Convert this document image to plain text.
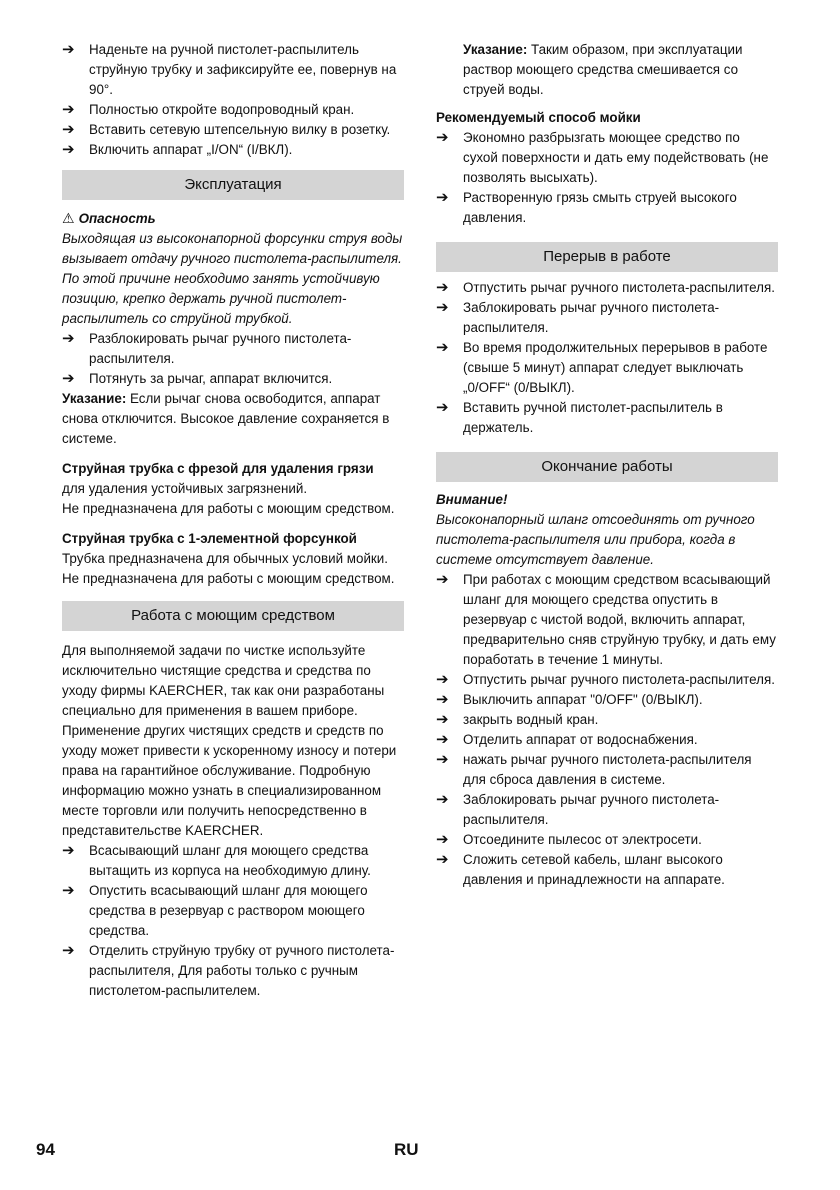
➔ Наденьте на ручной пистолет-распылитель струйную трубку и зафиксируйте ее, повернув на 90°.
➔ Полностью откройте водопроводный кран.
➔ Вставить сетевую штепсельную вилку в розетку.
➔ Включить аппарат „I/ON“ (I/ВКЛ).
Эксплуатация
⚠ Опасность

Выходящая из высоконапорной форсунки струя воды вызывает отдачу ручного пистолета-распылителя. По этой причине необходимо занять устойчивую позицию, крепко держать ручной пистолет-распылитель со струйной трубкой.

➔ Разблокировать рычаг ручного пистолета-распылителя.
➔ Потянуть за рычаг, аппарат включится.

Указание: Если рычаг снова освободится, аппарат снова отключится. Высокое давление сохраняется в системе.

Струйная трубка с фрезой для удаления грязи

для удаления устойчивых загрязнений.

Не предназначена для работы с моющим средством.

Струйная трубка с 1-элементной форсункой

Трубка предназначена для обычных условий мойки.

Не предназначена для работы с моющим средством.

Работа с моющим средством

Для выполняемой задачи по чистке используйте исключительно чистящие средства и средства по уходу фирмы KAERCHER, так как они разработаны специально для применения в вашем приборе. Применение других чистящих средств и средств по уходу может привести к ускоренному износу и потери права на гарантийное обслуживание. Подробную информацию можно узнать в специализированном месте торговли или получить непосредственно в представительстве KAERCHER.

➔ Всасывающий шланг для моющего средства вытащить из корпуса на необходимую длину.
➔ Опустить всасывающий шланг для моющего средства в резервуар с раствором моющего средства.
➔ Отделить струйную трубку от ручного пистолета-распылителя, Для работы только с ручным пистолетом-распылителем.
Указание: Таким образом, при эксплуатации раствор моющего средства смешивается со струей воды.

Рекомендуемый способ мойки

➔ Экономно разбрызгать моющее средство по сухой поверхности и дать ему подействовать (не позволять высыхать).
➔ Растворенную грязь смыть струей высокого давления.
Перерыв в работе
➔ Отпустить рычаг ручного пистолета-распылителя.
➔ Заблокировать рычаг ручного пистолета-распылителя.
➔ Во время продолжительных перерывов в работе (свыше 5 минут) аппарат следует выключать „0/OFF“ (0/ВЫКЛ).
➔ Вставить ручной пистолет-распылитель в держатель.
Окончание работы

Внимание!

Высоконапорный шланг отсоединять от ручного пистолета-распылителя или прибора, когда в системе отсутствует давление.

➔ При работах с моющим средством всасывающий шланг для моющего средства опустить в резервуар с чистой водой, включить аппарат, предварительно сняв струйную трубку, и дать ему поработать в течение 1 минуты.
➔ Отпустить рычаг ручного пистолета-распылителя.
➔ Выключить аппарат "0/OFF" (0/ВЫКЛ).
➔ закрыть водный кран.
➔ Отделить аппарат от водоснабжения.
➔ нажать рычаг ручного пистолета-распылителя для сброса давления в системе.
➔ Заблокировать рычаг ручного пистолета-распылителя.
➔ Отсоедините пылесос от электросети.
➔ Сложить сетевой кабель, шланг высокого давления и принадлежности на аппарате.
94	RU
